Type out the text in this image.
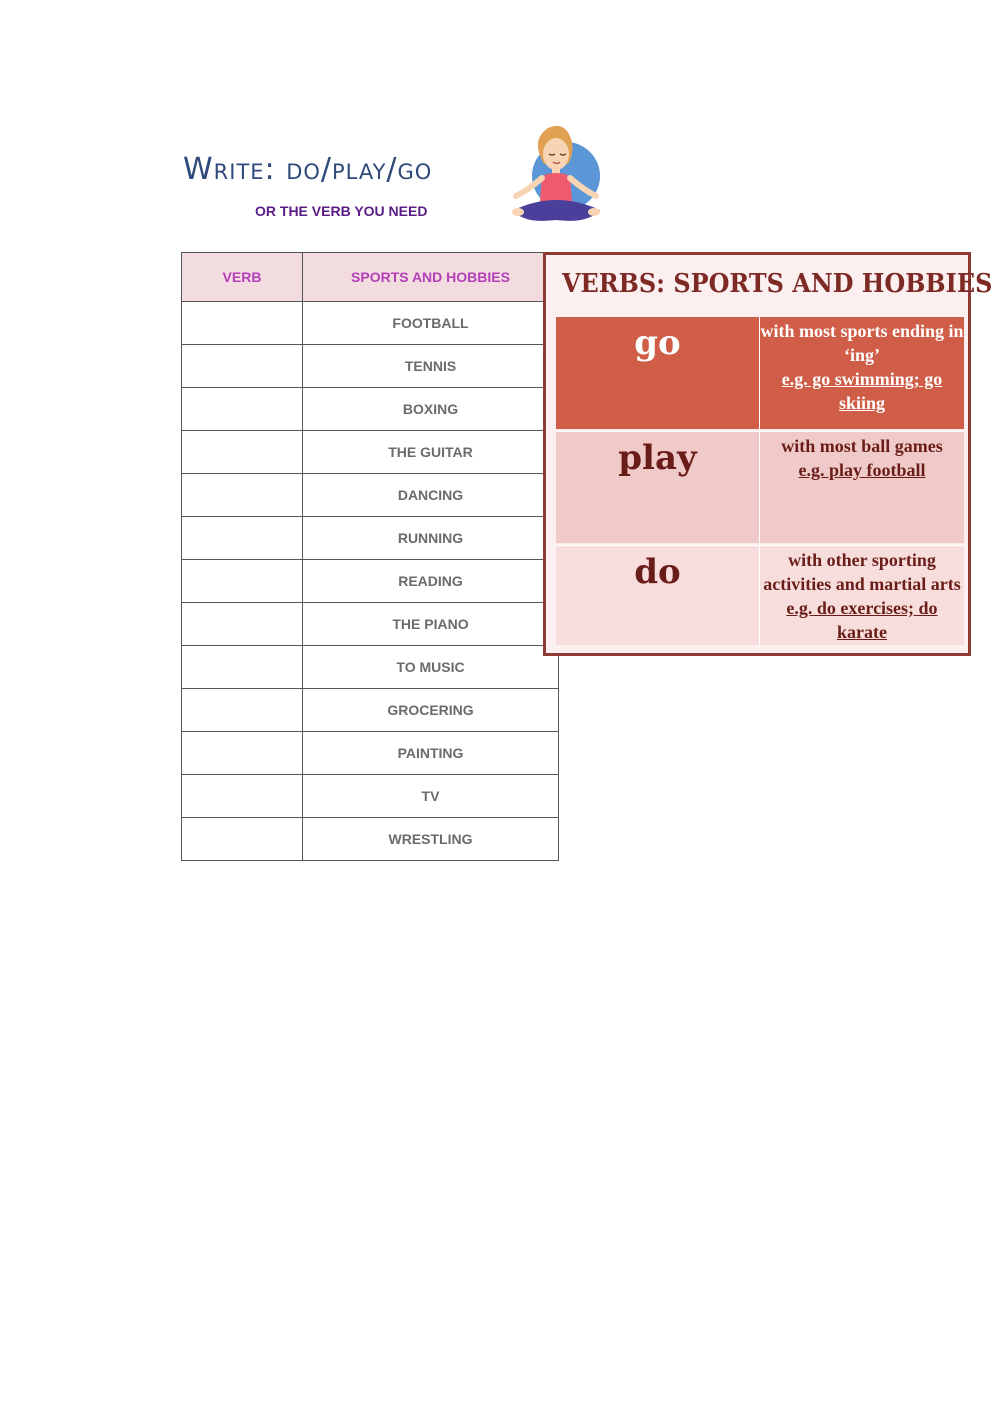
Write: do/play/go
OR THE VERB YOU NEED
VERB	SPORTS AND HOBBIES
	FOOTBALL
	TENNIS
	BOXING
	THE GUITAR
	DANCING
	RUNNING
	READING
	THE PIANO
	TO MUSIC
	GROCERING
	PAINTING
	TV
	WRESTLING
VERBS: SPORTS AND HOBBIES
go	with most sports ending in ‘ing’
e.g. go swimming; go skiing
play	with most ball games
e.g. play football
do	with other sporting activities and martial arts
e.g. do exercises; do karate
